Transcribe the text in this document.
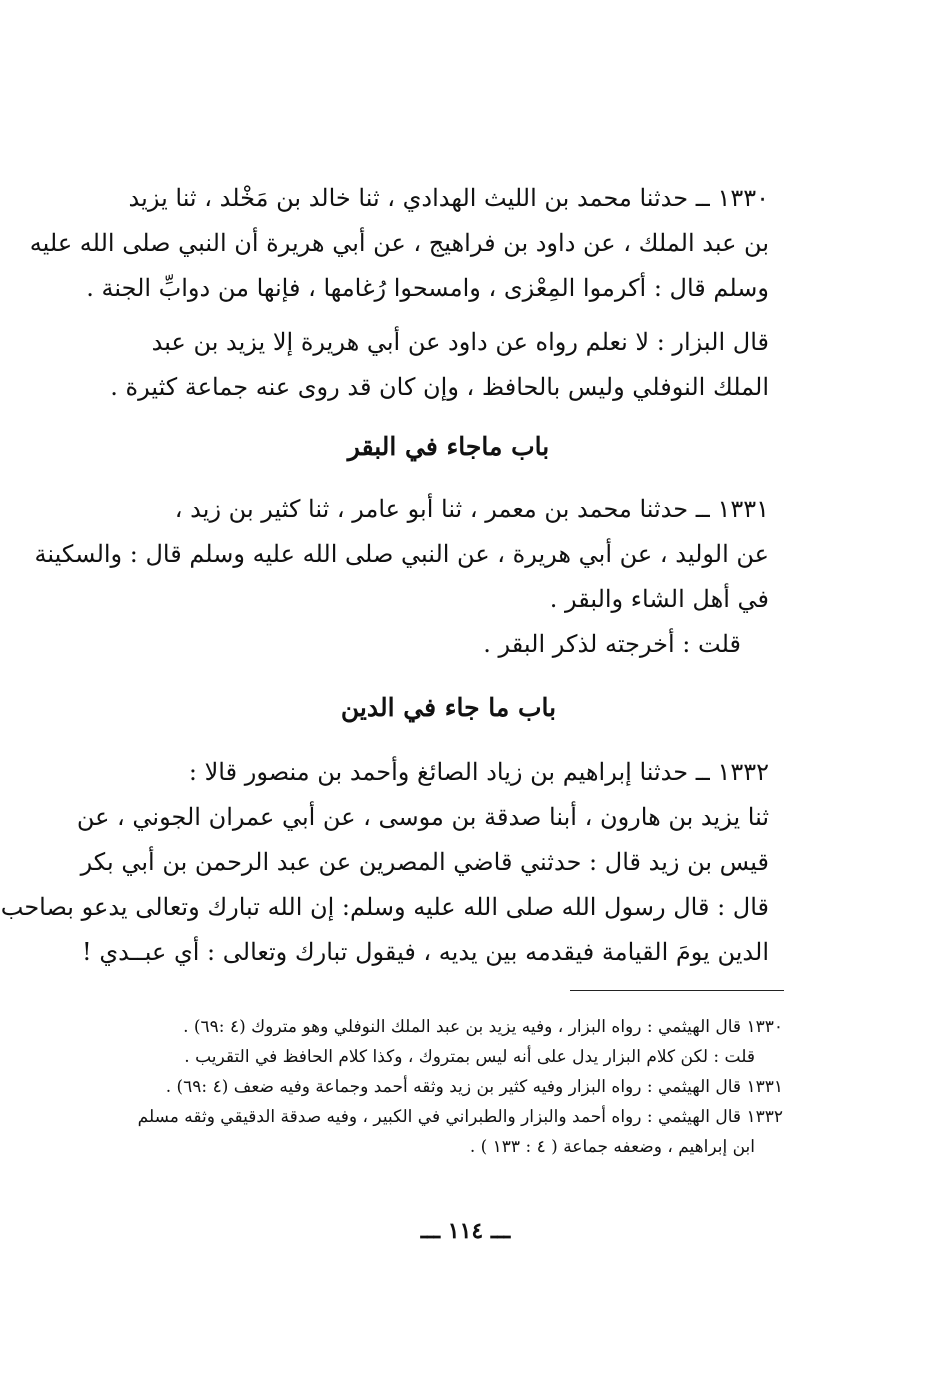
١٣٣٠ ــ حدثنا محمد بن الليث الهدادي ، ثنا خالد بن مَخْلد ، ثنا يزيد
بن عبد الملك ، عن داود بن فراهيج ، عن أبي هريرة أن النبي صلى الله عليه
وسلم قال : أكرموا المِعْزى ، وامسحوا رُغامها ، فإنها من دوابِّ الجنة .
قال البزار : لا نعلم رواه عن داود عن أبي هريرة إلا يزيد بن عبد
الملك النوفلي وليس بالحافظ ، وإن كان قد روى عنه جماعة كثيرة .
باب ماجاء في البقر
١٣٣١ ــ حدثنا محمد بن معمر ، ثنا أبو عامر ، ثنا كثير بن زيد ،
عن الوليد ، عن أبي هريرة ، عن النبي صلى الله عليه وسلم قال : والسكينة
في أهل الشاء والبقر .
قلت : أخرجته لذكر البقر .
باب ما جاء في الدين
١٣٣٢ ــ حدثنا إبراهيم بن زياد الصائغ وأحمد بن منصور قالا :
ثنا يزيد بن هارون ، أبنا صدقة بن موسى ، عن أبي عمران الجوني ، عن
قيس بن زيد قال : حدثني قاضي المصرين عن عبد الرحمن بن أبي بكر
قال : قال رسول الله صلى الله عليه وسلم: إن الله تبارك وتعالى يدعو بصاحب
الدين يومَ القيامة فيقدمه بين يديه ، فيقول تبارك وتعالى : أي عبــدي !
١٣٣٠ قال الهيثمي : رواه البزار ، وفيه يزيد بن عبد الملك النوفلي وهو متروك (٤ :٦٩) .
قلت : لكن كلام البزار يدل على أنه ليس بمتروك ، وكذا كلام الحافظ في التقريب .
١٣٣١ قال الهيثمي : رواه البزار وفيه كثير بن زيد وثقه أحمد وجماعة وفيه ضعف (٤ :٦٩) .
١٣٣٢ قال الهيثمي : رواه أحمد والبزار والطبراني في الكبير ، وفيه صدقة الدقيقي وثقه مسلم
ابن إبراهيم ، وضعفه جماعة ( ٤ : ١٣٣ ) .
ـــ ١١٤ ـــ
